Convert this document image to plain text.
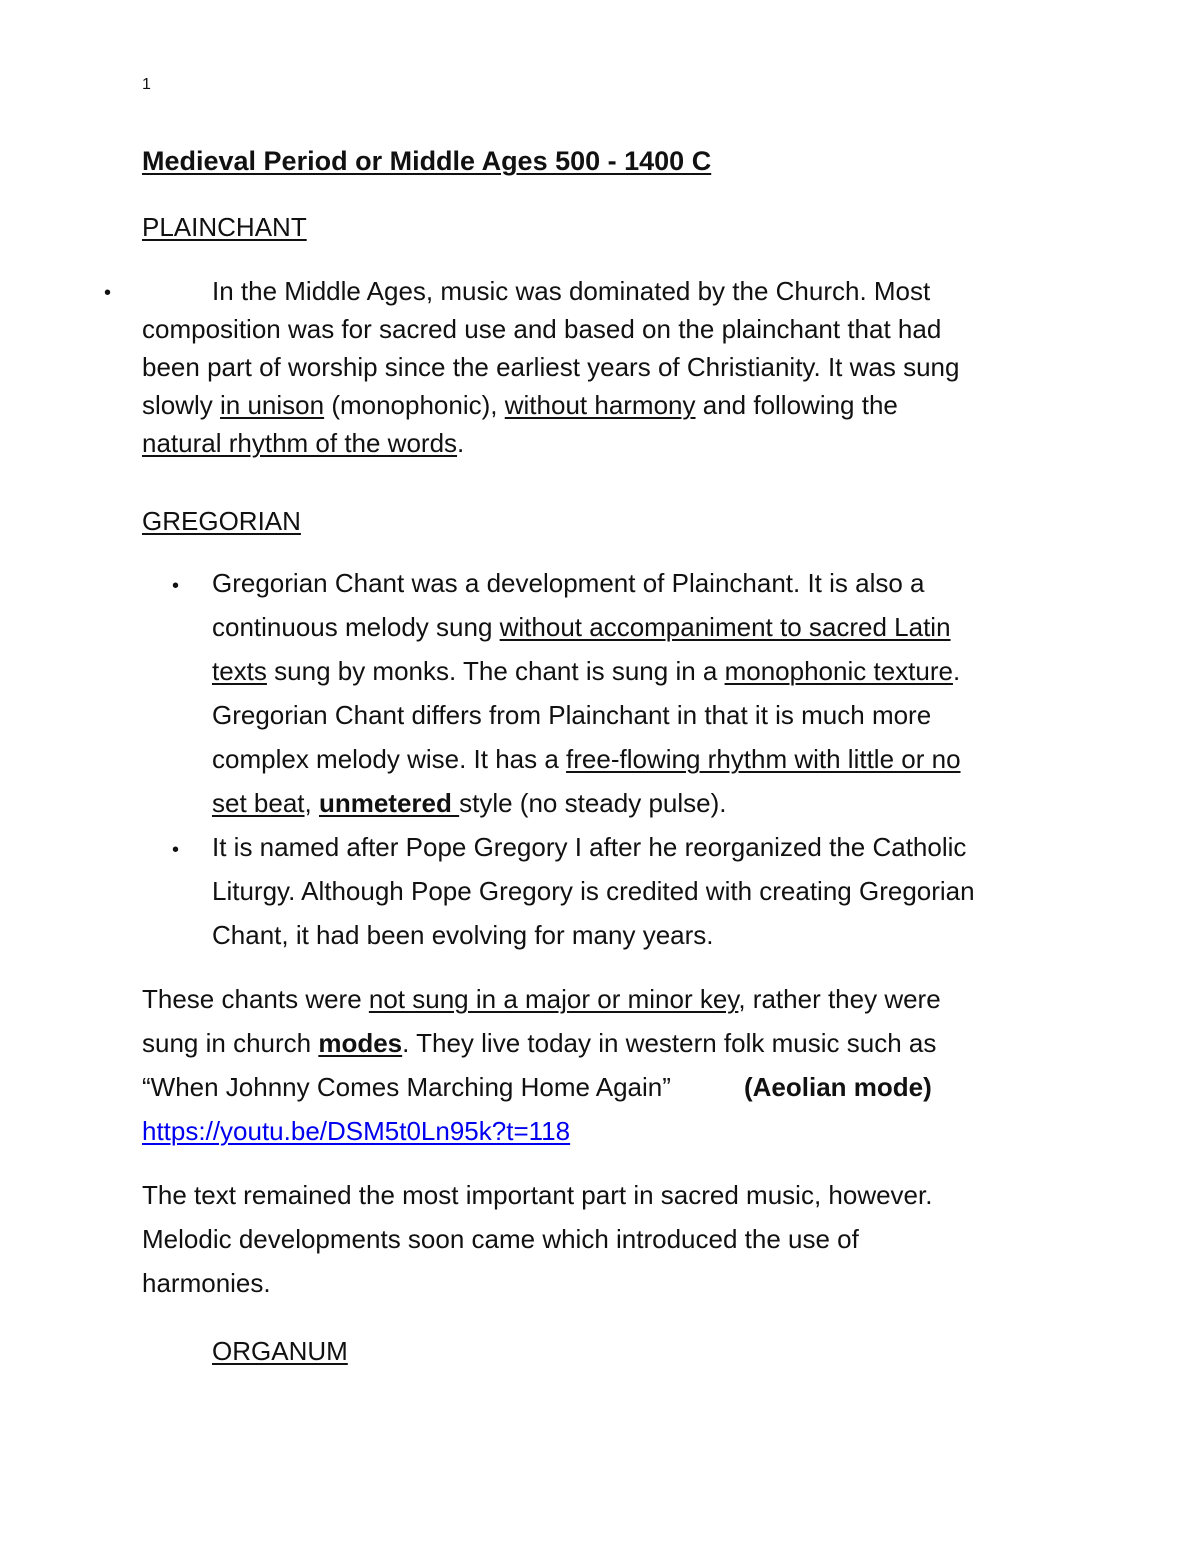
1
Medieval Period or Middle Ages 500 - 1400 C
PLAINCHANT
•	In the Middle Ages, music was dominated by the Church. Most
composition was for sacred use and based on the plainchant that had
been part of worship since the earliest years of Christianity. It was sung
slowly in unison (monophonic), without harmony and following the
natural rhythm of the words.
GREGORIAN
• Gregorian Chant was a development of Plainchant. It is also a
continuous melody sung without accompaniment to sacred Latin
texts sung by monks. The chant is sung in a monophonic texture.
Gregorian Chant differs from Plainchant in that it is much more
complex melody wise. It has a free-flowing rhythm with little or no
set beat, unmetered style (no steady pulse).
• It is named after Pope Gregory I after he reorganized the Catholic
Liturgy. Although Pope Gregory is credited with creating Gregorian
Chant, it had been evolving for many years.
These chants were not sung in a major or minor key, rather they were
sung in church modes. They live today in western folk music such as
“When Johnny Comes Marching Home Again”	(Aeolian mode)
https://youtu.be/DSM5t0Ln95k?t=118
The text remained the most important part in sacred music, however.
Melodic developments soon came which introduced the use of
harmonies.
ORGANUM
